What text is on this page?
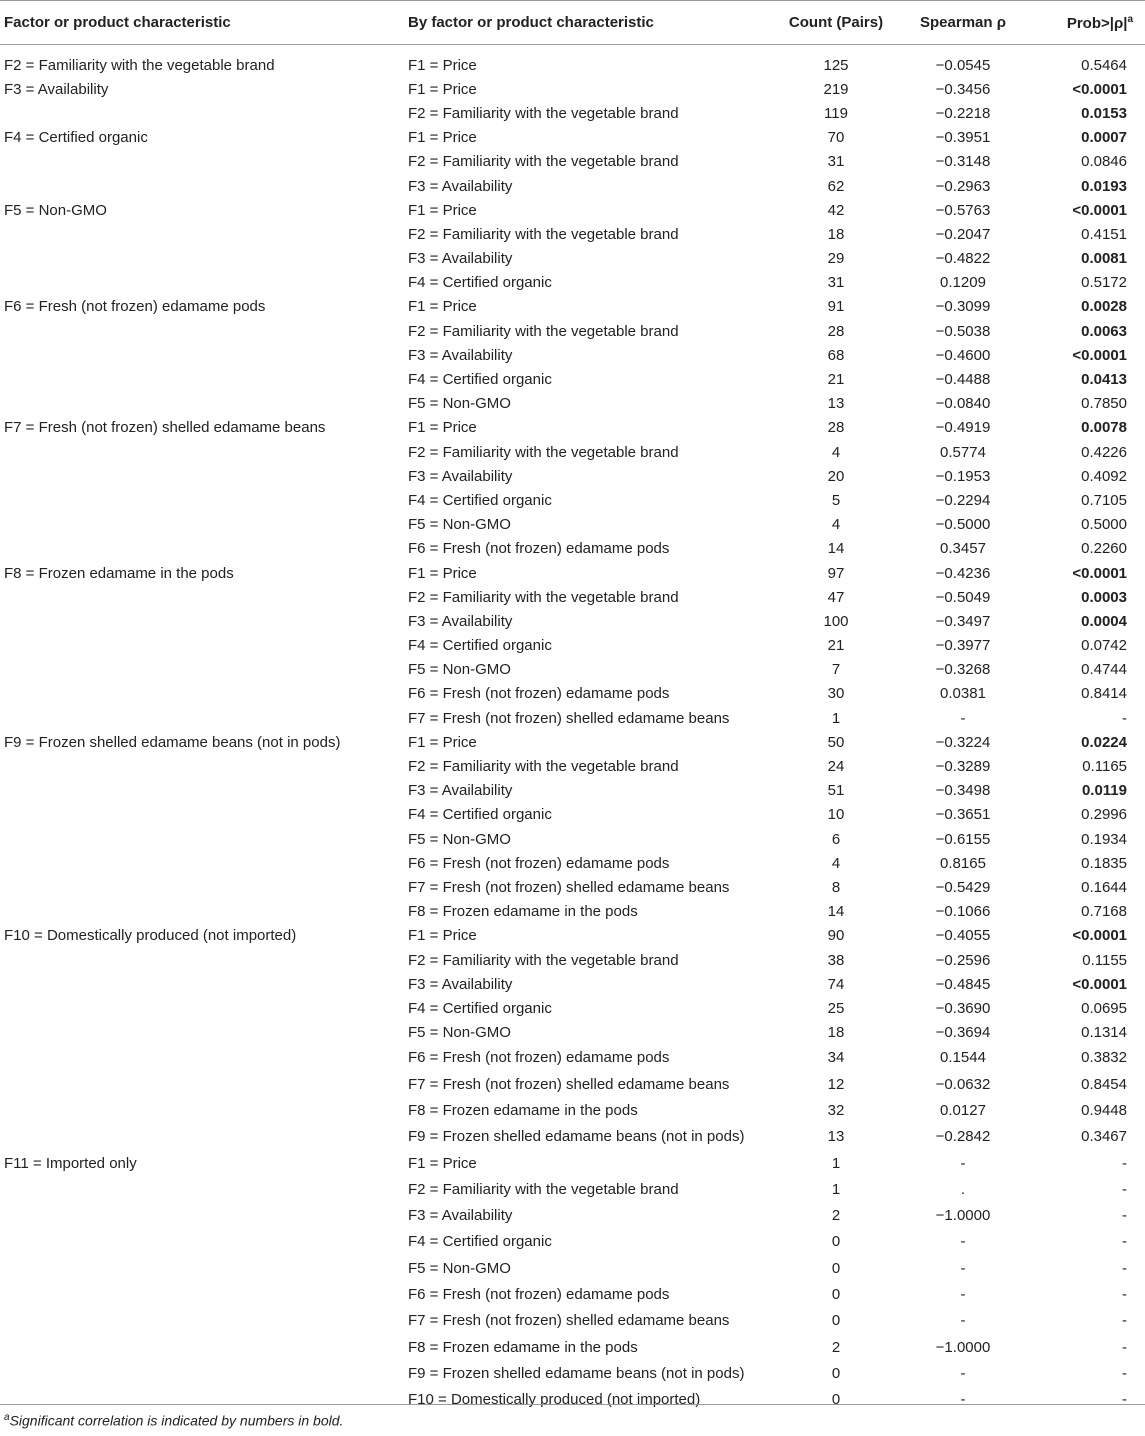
Factor or product characteristic	By factor or product characteristic	Count (Pairs)	Spearman ρ	$Prob>|\rho|^a$
F2 = Familiarity with the vegetable brand	F1 = Price	125	−0.0545	0.5464
F3 = Availability	F1 = Price	219	−0.3456	<0.0001
	F2 = Familiarity with the vegetable brand	119	−0.2218	0.0153
F4 = Certified organic	F1 = Price	70	−0.3951	0.0007
	F2 = Familiarity with the vegetable brand	31	−0.3148	0.0846
	F3 = Availability	62	−0.2963	0.0193
F5 = Non-GMO	F1 = Price	42	−0.5763	<0.0001
	F2 = Familiarity with the vegetable brand	18	−0.2047	0.4151
	F3 = Availability	29	−0.4822	0.0081
	F4 = Certified organic	31	0.1209	0.5172
F6 = Fresh (not frozen) edamame pods	F1 = Price	91	−0.3099	0.0028
	F2 = Familiarity with the vegetable brand	28	−0.5038	0.0063
	F3 = Availability	68	−0.4600	<0.0001
	F4 = Certified organic	21	−0.4488	0.0413
	F5 = Non-GMO	13	−0.0840	0.7850
F7 = Fresh (not frozen) shelled edamame beans	F1 = Price	28	−0.4919	0.0078
	F2 = Familiarity with the vegetable brand	4	0.5774	0.4226
	F3 = Availability	20	−0.1953	0.4092
	F4 = Certified organic	5	−0.2294	0.7105
	F5 = Non-GMO	4	−0.5000	0.5000
	F6 = Fresh (not frozen) edamame pods	14	0.3457	0.2260
F8 = Frozen edamame in the pods	F1 = Price	97	−0.4236	<0.0001
	F2 = Familiarity with the vegetable brand	47	−0.5049	0.0003
	F3 = Availability	100	−0.3497	0.0004
	F4 = Certified organic	21	−0.3977	0.0742
	F5 = Non-GMO	7	−0.3268	0.4744
	F6 = Fresh (not frozen) edamame pods	30	0.0381	0.8414
	F7 = Fresh (not frozen) shelled edamame beans	1	-	-
F9 = Frozen shelled edamame beans (not in pods)	F1 = Price	50	−0.3224	0.0224
	F2 = Familiarity with the vegetable brand	24	−0.3289	0.1165
	F3 = Availability	51	−0.3498	0.0119
	F4 = Certified organic	10	−0.3651	0.2996
	F5 = Non-GMO	6	−0.6155	0.1934
	F6 = Fresh (not frozen) edamame pods	4	0.8165	0.1835
	F7 = Fresh (not frozen) shelled edamame beans	8	−0.5429	0.1644
	F8 = Frozen edamame in the pods	14	−0.1066	0.7168
F10 = Domestically produced (not imported)	F1 = Price	90	−0.4055	<0.0001
	F2 = Familiarity with the vegetable brand	38	−0.2596	0.1155
	F3 = Availability	74	−0.4845	<0.0001
	F4 = Certified organic	25	−0.3690	0.0695
	F5 = Non-GMO	18	−0.3694	0.1314
	F6 = Fresh (not frozen) edamame pods	34	0.1544	0.3832
	F7 = Fresh (not frozen) shelled edamame beans	12	−0.0632	0.8454
	F8 = Frozen edamame in the pods	32	0.0127	0.9448
	F9 = Frozen shelled edamame beans (not in pods)	13	−0.2842	0.3467
F11 = Imported only	F1 = Price	1	-	-
	F2 = Familiarity with the vegetable brand	1	.	-
	F3 = Availability	2	−1.0000	-
	F4 = Certified organic	0	-	-
	F5 = Non-GMO	0	-	-
	F6 = Fresh (not frozen) edamame pods	0	-	-
	F7 = Fresh (not frozen) shelled edamame beans	0	-	-
	F8 = Frozen edamame in the pods	2	−1.0000	-
	F9 = Frozen shelled edamame beans (not in pods)	0	-	-
	F10 = Domestically produced (not imported)	0	-	-
$^a$Significant correlation is indicated by numbers in bold.
